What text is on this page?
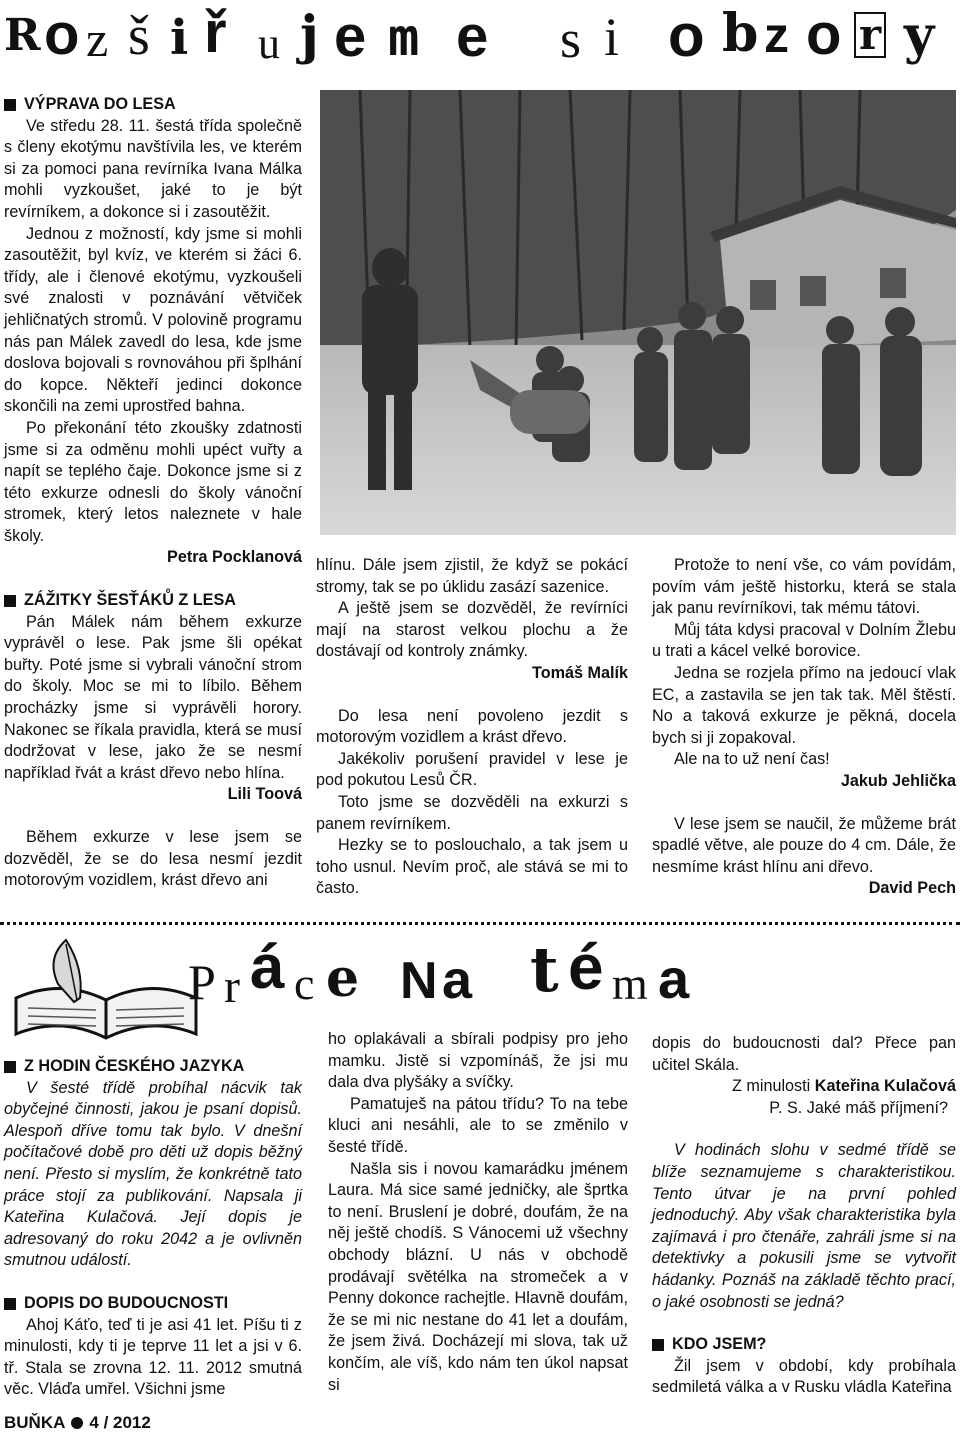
R o z š i ř u j e m e s i o b z o r y
VÝPRAVA DO LESA

Ve středu 28. 11. šestá třída společně s členy ekotýmu navštívila les, ve kterém si za pomoci pana revírníka Ivana Málka mohli vyzkoušet, jaké to je být revírníkem, a dokonce si i zasoutěžit.

Jednou z možností, kdy jsme si mohli zasoutěžit, byl kvíz, ve kterém si žáci 6. třídy, ale i členové ekotýmu, vyzkoušeli své znalosti v poznávání větviček jehličnatých stromů. V polovině programu nás pan Málek zavedl do lesa, kde jsme doslova bojovali s rovnováhou při šplhání do kopce. Někteří jedinci dokonce skončili na zemi uprostřed bahna.

Po překonání této zkoušky zdatnosti jsme si za odměnu mohli upéct vuřty a napít se teplého čaje. Dokonce jsme si z této exkurze odnesli do školy vánoční stromek, který letos naleznete v hale školy.

Petra Pocklanová

ZÁŽITKY ŠESŤÁKŮ Z LESA

Pán Málek nám během exkurze vyprávěl o lese. Pak jsme šli opékat buřty. Poté jsme si vybrali vánoční strom do školy. Moc se mi to líbilo. Během procházky jsme si vyprávěli horory. Nakonec se říkala pravidla, která se musí dodržovat v lese, jako že se nesmí například řvát a krást dřevo nebo hlína.

Lili Toová

Během exkurze v lese jsem se dozvěděl, že se do lesa nesmí jezdit motorovým vozidlem, krást dřevo ani

hlínu. Dále jsem zjistil, že když se pokácí stromy, tak se po úklidu zasází sazenice.

A ještě jsem se dozvěděl, že revírníci mají na starost velkou plochu a že dostávají od kontroly známky.

Tomáš Malík

Do lesa není povoleno jezdit s motorovým vozidlem a krást dřevo.

Jakékoliv porušení pravidel v lese je pod pokutou Lesů ČR.

Toto jsme se dozvěděli na exkurzi s panem revírníkem.

Hezky se to poslouchalo, a tak jsem u toho usnul. Nevím proč, ale stává se mi to často.

Protože to není vše, co vám povídám, povím vám ještě historku, která se stala jak panu revírníkovi, tak mému tátovi.

Můj táta kdysi pracoval v Dolním Žlebu u trati a kácel velké borovice.

Jedna se rozjela přímo na jedoucí vlak EC, a zastavila se jen tak tak. Měl štěstí. No a taková exkurze je pěkná, docela bych si ji zopakoval.

Ale na to už není čas!

Jakub Jehlička

V lese jsem se naučil, že můžeme brát spadlé větve, ale pouze do 4 cm. Dále, že nesmíme krást hlínu ani dřevo.

David Pech

P r á c e N a t é m a
Z HODIN ČESKÉHO JAZYKA

V šesté třídě probíhal nácvik tak obyčejné činnosti, jakou je psaní dopisů. Alespoň dříve tomu tak bylo. V dnešní počítačové době pro děti už dopis běžný není. Přesto si myslím, že konkrétně tato práce stojí za publikování. Napsala ji Kateřina Kulačová. Její dopis je adresovaný do roku 2042 a je ovlivněn smutnou událostí.

DOPIS DO BUDOUCNOSTI

Ahoj Káťo, teď ti je asi 41 let. Píšu ti z minulosti, kdy ti je teprve 11 let a jsi v 6. tř. Stala se zrovna 12. 11. 2012 smutná věc. Vláďa umřel. Všichni jsme

ho oplakávali a sbírali podpisy pro jeho mamku. Jistě si vzpomínáš, že jsi mu dala dva plyšáky a svíčky.

Pamatuješ na pátou třídu? To na tebe kluci ani nesáhli, ale to se změnilo v šesté třídě.

Našla sis i novou kamarádku jménem Laura. Má sice samé jedničky, ale šprtka to není. Bruslení je dobré, doufám, že na něj ještě chodíš. S Vánocemi už všechny obchody blázní. U nás v obchodě prodávají světélka na stromeček a v Penny dokonce rachejtle. Hlavně doufám, že se mi nic nestane do 41 let a doufám, že jsem živá. Docházejí mi slova, tak už končím, ale víš, kdo nám ten úkol napsat si

dopis do budoucnosti dal? Přece pan učitel Skála.

Z minulosti Kateřina Kulačová

P. S. Jaké máš příjmení?

V hodinách slohu v sedmé třídě se blíže seznamujeme s charakteristikou. Tento útvar je na první pohled jednoduchý. Aby však charakteristika byla zajímavá i pro čtenáře, zahráli jsme si na detektivky a pokusili jsme se vytvořit hádanky. Poznáš na základě těchto prací, o jaké osobnosti se jedná?

KDO JSEM?

Žil jsem v období, kdy probíhala sedmiletá válka a v Rusku vládla Kateřina

BUŇKA 4 / 2012
